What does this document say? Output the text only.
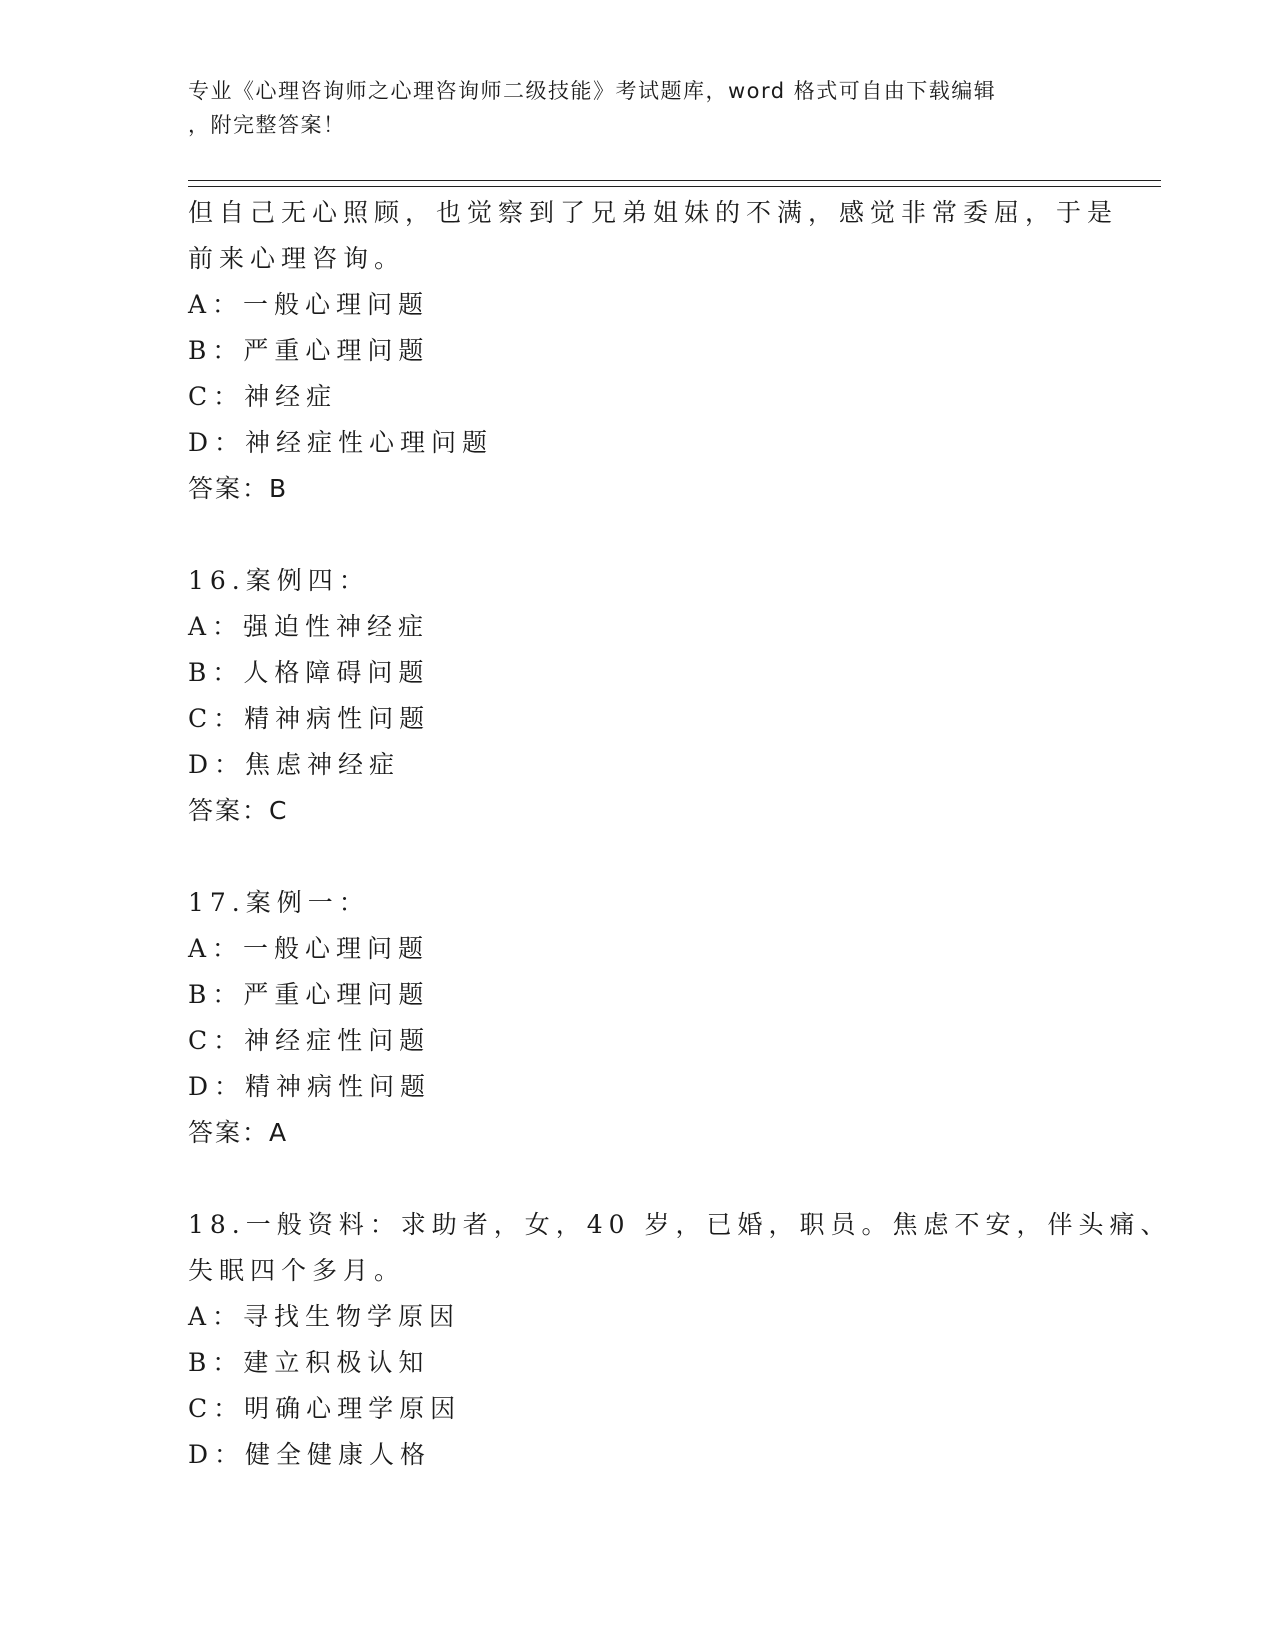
专业《心理咨询师之心理咨询师二级技能》考试题库，word 格式可自由下载编辑
，附完整答案！
但自己无心照顾，也觉察到了兄弟姐妹的不满，感觉非常委屈，于是
前来心理咨询。
A：一般心理问题
B：严重心理问题
C：神经症
D：神经症性心理问题
答案：B
16.案例四：
A：强迫性神经症
B：人格障碍问题
C：精神病性问题
D：焦虑神经症
答案：C
17.案例一：
A：一般心理问题
B：严重心理问题
C：神经症性问题
D：精神病性问题
答案：A
18.一般资料：求助者，女，40 岁，已婚，职员。焦虑不安，伴头痛、
失眠四个多月。
A：寻找生物学原因
B：建立积极认知
C：明确心理学原因
D：健全健康人格
